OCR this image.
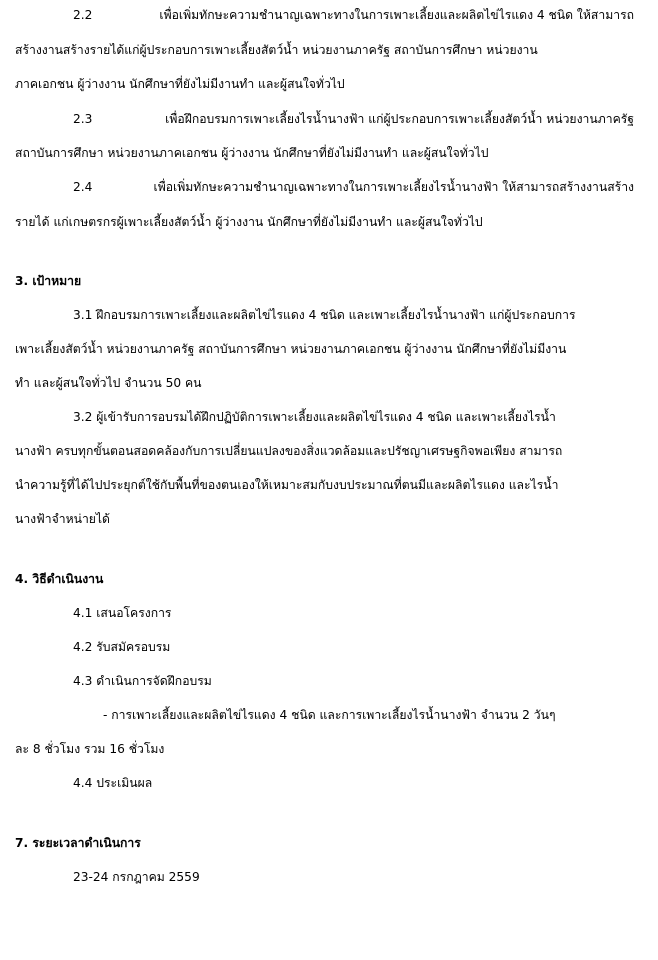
2.2	เพื่อเพิ่มทักษะความชำนาญเฉพาะทางในการเพาะเลี้ยงและผลิตไข่ไรแดง 4 ชนิด ให้สามารถ
สร้างงานสร้างรายได้แก่ผู้ประกอบการเพาะเลี้ยงสัตว์น้ำ หน่วยงานภาครัฐ สถาบันการศึกษา หน่วยงาน
ภาคเอกชน ผู้ว่างงาน นักศึกษาที่ยังไม่มีงานทำ และผู้สนใจทั่วไป
2.3	เพื่อฝึกอบรมการเพาะเลี้ยงไรน้ำนางฟ้า แก่ผู้ประกอบการเพาะเลี้ยงสัตว์น้ำ หน่วยงานภาครัฐ
สถาบันการศึกษา หน่วยงานภาคเอกชน ผู้ว่างงาน นักศึกษาที่ยังไม่มีงานทำ และผู้สนใจทั่วไป
2.4	เพื่อเพิ่มทักษะความชำนาญเฉพาะทางในการเพาะเลี้ยงไรน้ำนางฟ้า ให้สามารถสร้างงานสร้าง
รายได้ แก่เกษตรกรผู้เพาะเลี้ยงสัตว์น้ำ ผู้ว่างงาน นักศึกษาที่ยังไม่มีงานทำ และผู้สนใจทั่วไป
3. เป้าหมาย
3.1 ฝึกอบรมการเพาะเลี้ยงและผลิตไข่ไรแดง 4 ชนิด และเพาะเลี้ยงไรน้ำนางฟ้า แก่ผู้ประกอบการ
เพาะเลี้ยงสัตว์น้ำ หน่วยงานภาครัฐ สถาบันการศึกษา หน่วยงานภาคเอกชน ผู้ว่างงาน นักศึกษาที่ยังไม่มีงาน
ทำ และผู้สนใจทั่วไป จำนวน 50 คน
3.2 ผู้เข้ารับการอบรมได้ฝึกปฏิบัติการเพาะเลี้ยงและผลิตไข่ไรแดง 4 ชนิด และเพาะเลี้ยงไรน้ำ
นางฟ้า ครบทุกขั้นตอนสอดคล้องกับการเปลี่ยนแปลงของสิ่งแวดล้อมและปรัชญาเศรษฐกิจพอเพียง สามารถ
นำความรู้ที่ได้ไปประยุกต์ใช้กับพื้นที่ของตนเองให้เหมาะสมกับงบประมาณที่ตนมีและผลิตไรแดง และไรน้ำ
นางฟ้าจำหน่ายได้
4. วิธีดำเนินงาน
4.1 เสนอโครงการ
4.2 รับสมัครอบรม
4.3 ดำเนินการจัดฝึกอบรม
- การเพาะเลี้ยงและผลิตไข่ไรแดง 4 ชนิด และการเพาะเลี้ยงไรน้ำนางฟ้า จำนวน 2 วันๆ
ละ 8 ชั่วโมง รวม 16 ชั่วโมง
4.4 ประเมินผล
7. ระยะเวลาดำเนินการ
23-24 กรกฎาคม 2559
